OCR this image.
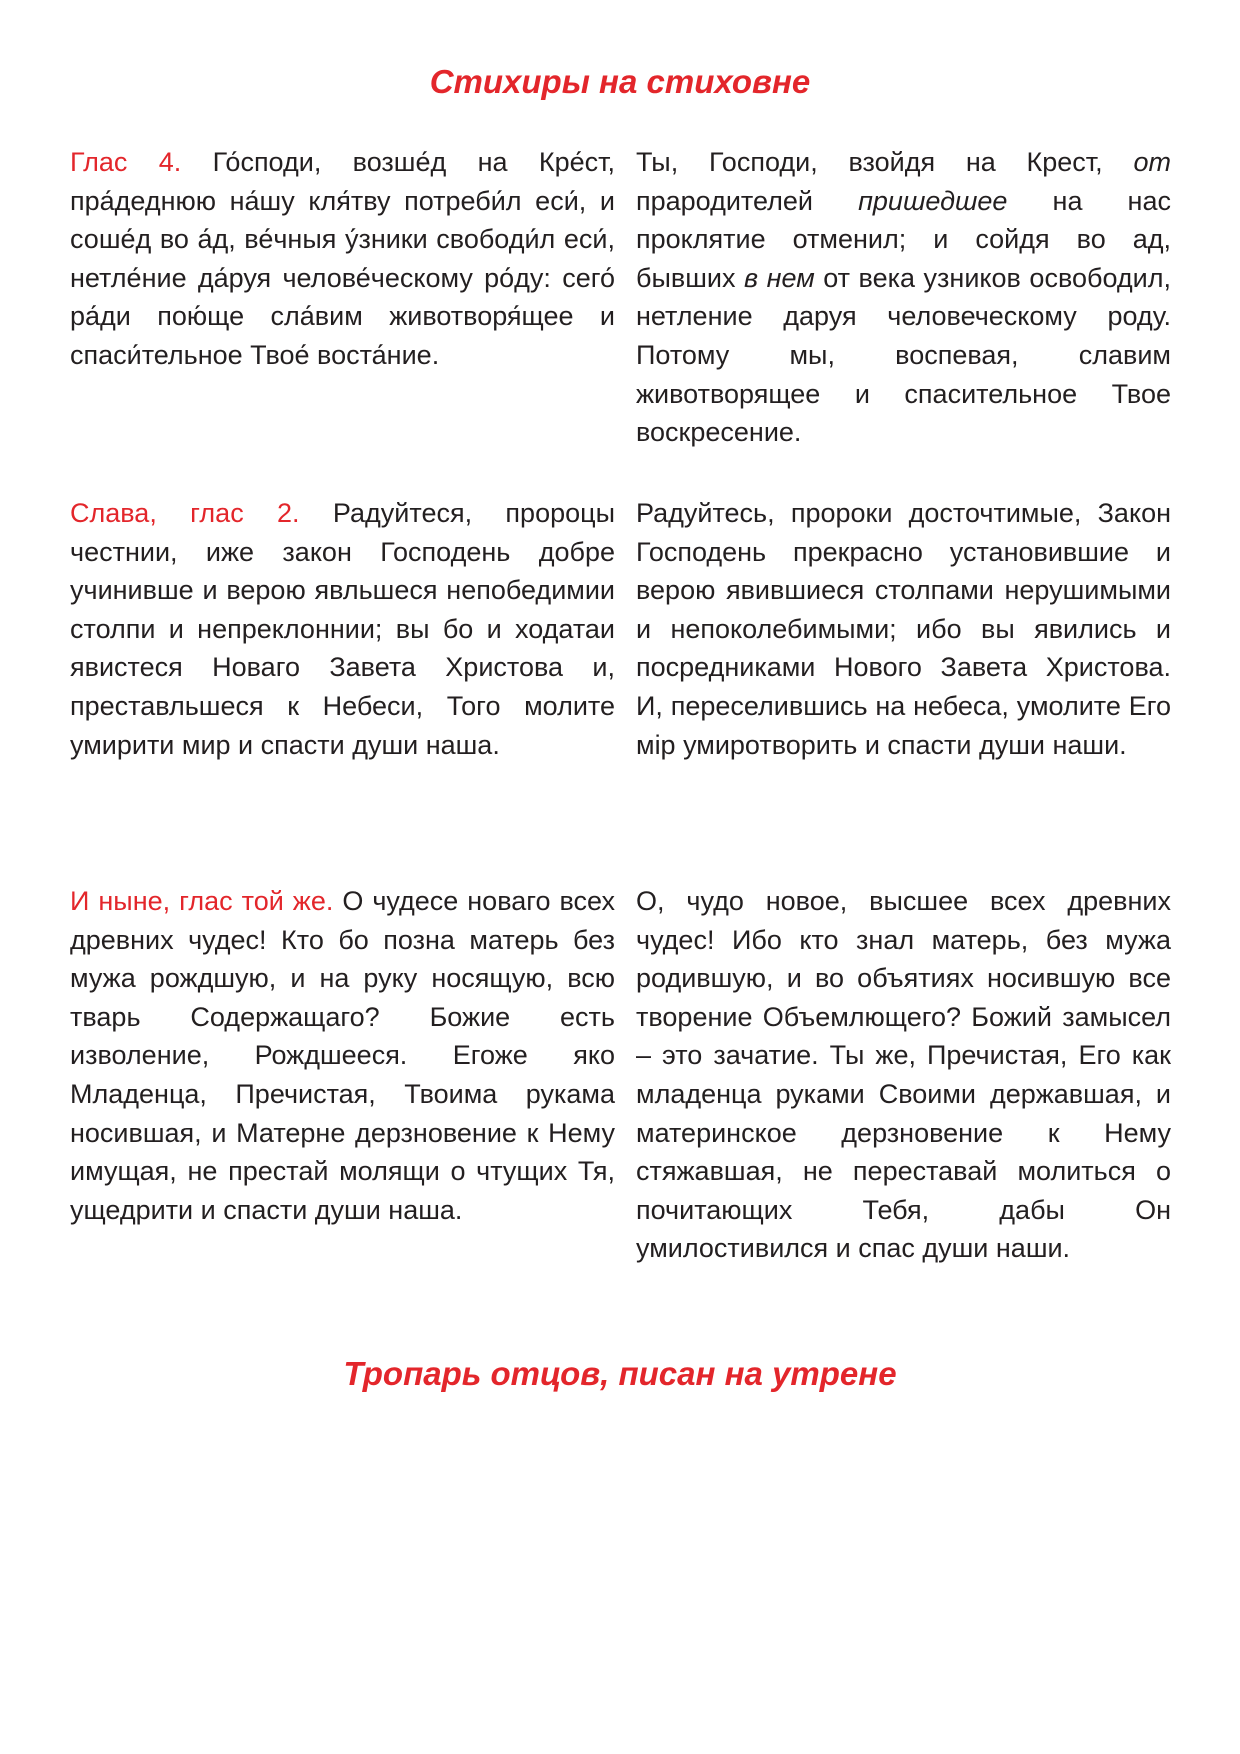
Стихиры на стиховне

Глас 4. Го́споди, возше́д на Кре́ст, пра́деднюю на́шу кля́тву потреби́л еси́, и соше́д во а́д, ве́чныя у́зники свободи́л еси́, нетле́ние да́руя челове́ческому ро́ду: сего́ ра́ди пою́ще сла́вим животворя́щее и спаси́тельное Твое́ воста́ние.

Ты, Господи, взойдя на Крест, от прародителей пришедшее на нас проклятие отменил; и сойдя во ад, бывших в нем от века узников освободил, нетление даруя человеческому роду. Потому мы, воспевая, славим животворящее и спасительное Твое воскресение.

Слава, глас 2. Радуйтеся, пророцы честнии, иже закон Господень добре учинивше и верою явльшеся непобедимии столпи и непреклоннии; вы бо и ходатаи явистеся Новаго Завета Христова и, преставльшеся к Небеси, Того молите умирити мир и спасти души наша.

Радуйтесь, пророки досточтимые, Закон Господень прекрасно установившие и верою явившиеся столпами нерушимыми и непоколебимыми; ибо вы явились и посредниками Нового Завета Христова. И, переселившись на небеса, умолите Его мір умиротворить и спасти души наши.

И ныне, глас той же. О чудесе новаго всех древних чудес! Кто бо позна матерь без мужа рождшую, и на руку носящую, всю тварь Содержащаго? Божие есть изволение, Рождшееся. Егоже яко Младенца, Пречистая, Твоима рукама носившая, и Матерне дерзновение к Нему имущая, не престай молящи о чтущих Тя, ущедрити и спасти души наша.

О, чудо новое, высшее всех древних чудес! Ибо кто знал матерь, без мужа родившую, и во объятиях носившую все творение Объемлющего? Божий замысел – это зачатие. Ты же, Пречистая, Его как младенца руками Своими державшая, и материнское дерзновение к Нему стяжавшая, не переставай молиться о почитающих Тебя, дабы Он умилостивился и спас души наши.

Тропарь отцов, писан на утрене
